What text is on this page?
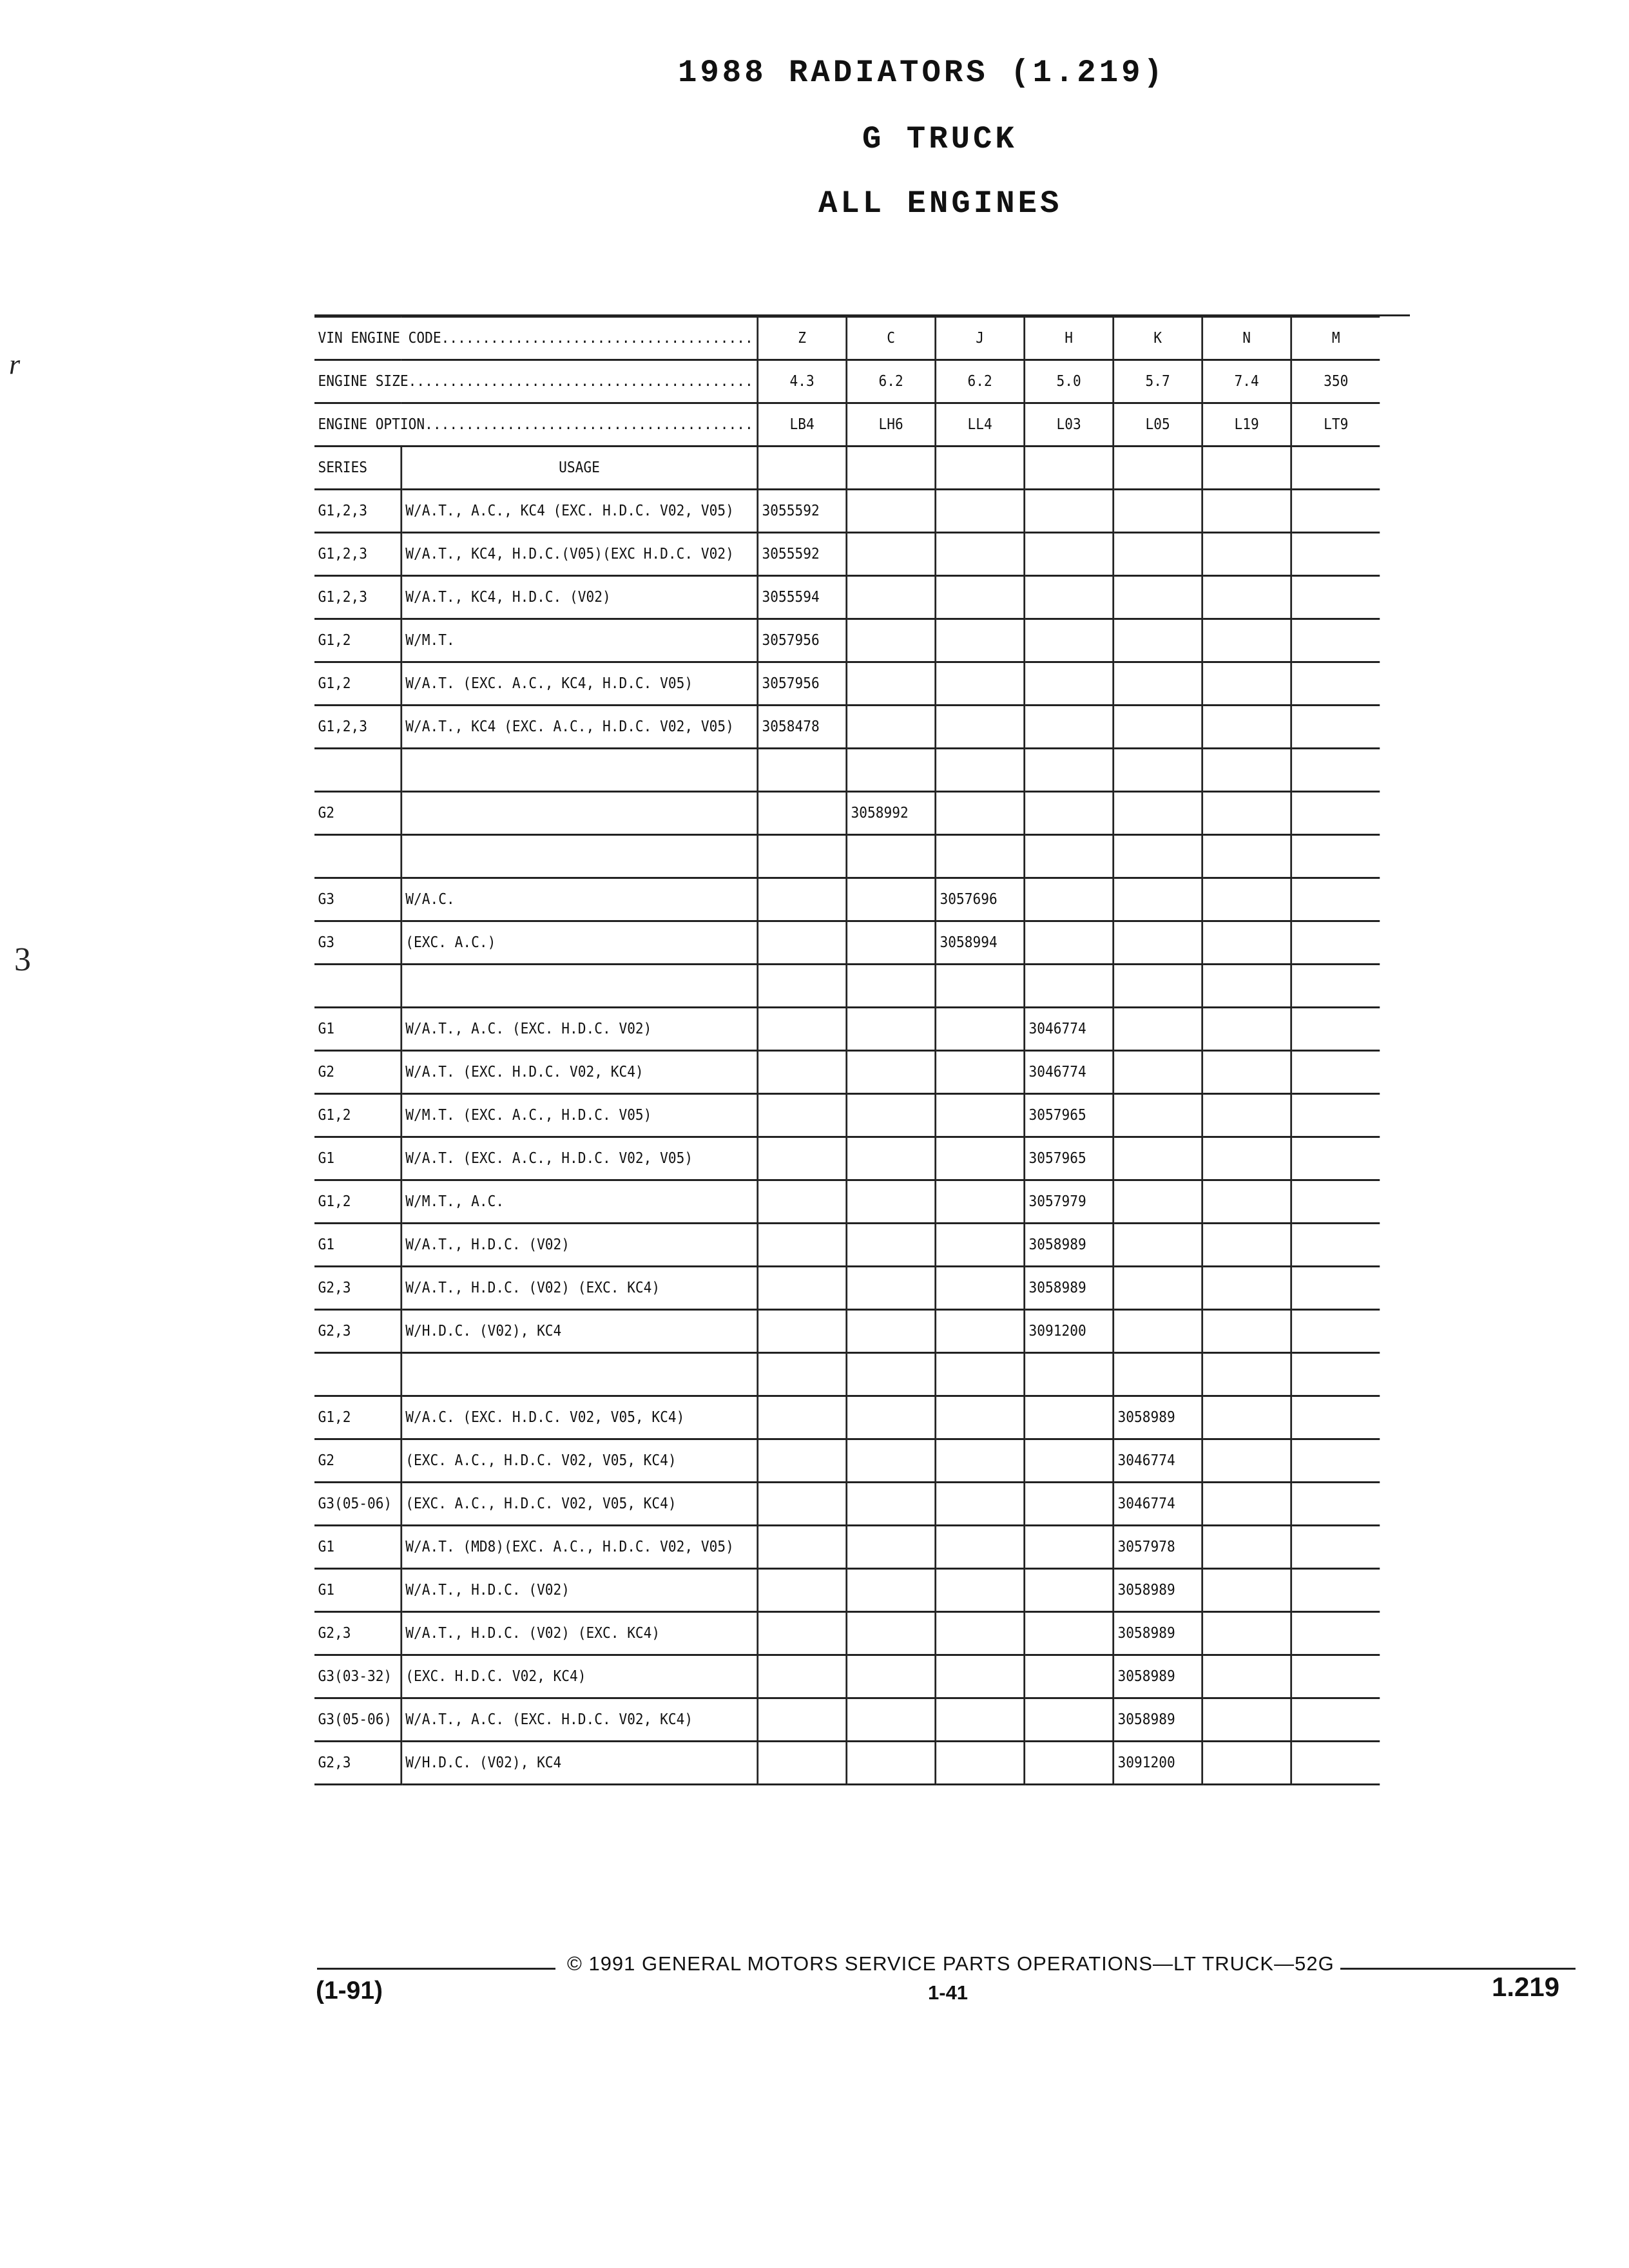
1988 RADIATORS (1.219)
G TRUCK
ALL ENGINES
r
3
VIN ENGINE CODE......................................		Z	C	J	H	K	N	M
ENGINE SIZE..........................................		4.3	6.2	6.2	5.0	5.7	7.4	350
ENGINE OPTION........................................		LB4	LH6	LL4	L03	L05	L19	LT9
SERIES	USAGE							
G1,2,3	W/A.T., A.C., KC4 (EXC. H.D.C. V02, V05)	3055592						
G1,2,3	W/A.T., KC4, H.D.C.(V05)(EXC H.D.C. V02)	3055592						
G1,2,3	W/A.T., KC4, H.D.C. (V02)	3055594						
G1,2	W/M.T.	3057956						
G1,2	W/A.T. (EXC. A.C., KC4, H.D.C. V05)	3057956						
G1,2,3	W/A.T., KC4 (EXC. A.C., H.D.C. V02, V05)	3058478						

G2			3058992					

G3	W/A.C.			3057696				
G3	(EXC. A.C.)			3058994				

G1	W/A.T., A.C. (EXC. H.D.C. V02)				3046774			
G2	W/A.T. (EXC. H.D.C. V02, KC4)				3046774			
G1,2	W/M.T. (EXC. A.C., H.D.C. V05)				3057965			
G1	W/A.T. (EXC. A.C., H.D.C. V02, V05)				3057965			
G1,2	W/M.T., A.C.				3057979			
G1	W/A.T., H.D.C. (V02)				3058989			
G2,3	W/A.T., H.D.C. (V02) (EXC. KC4)				3058989			
G2,3	W/H.D.C. (V02), KC4				3091200			

G1,2	W/A.C. (EXC. H.D.C. V02, V05, KC4)					3058989		
G2	(EXC. A.C., H.D.C. V02, V05, KC4)					3046774		
G3(05-06)	(EXC. A.C., H.D.C. V02, V05, KC4)					3046774		
G1	W/A.T. (MD8)(EXC. A.C., H.D.C. V02, V05)					3057978		
G1	W/A.T., H.D.C. (V02)					3058989		
G2,3	W/A.T., H.D.C. (V02) (EXC. KC4)					3058989		
G3(03-32)	(EXC. H.D.C. V02, KC4)					3058989		
G3(05-06)	W/A.T., A.C. (EXC. H.D.C. V02, KC4)					3058989		
G2,3	W/H.D.C. (V02), KC4					3091200		
© 1991 GENERAL MOTORS SERVICE PARTS OPERATIONS—LT TRUCK—52G
(1-91)	1-41	1.219
